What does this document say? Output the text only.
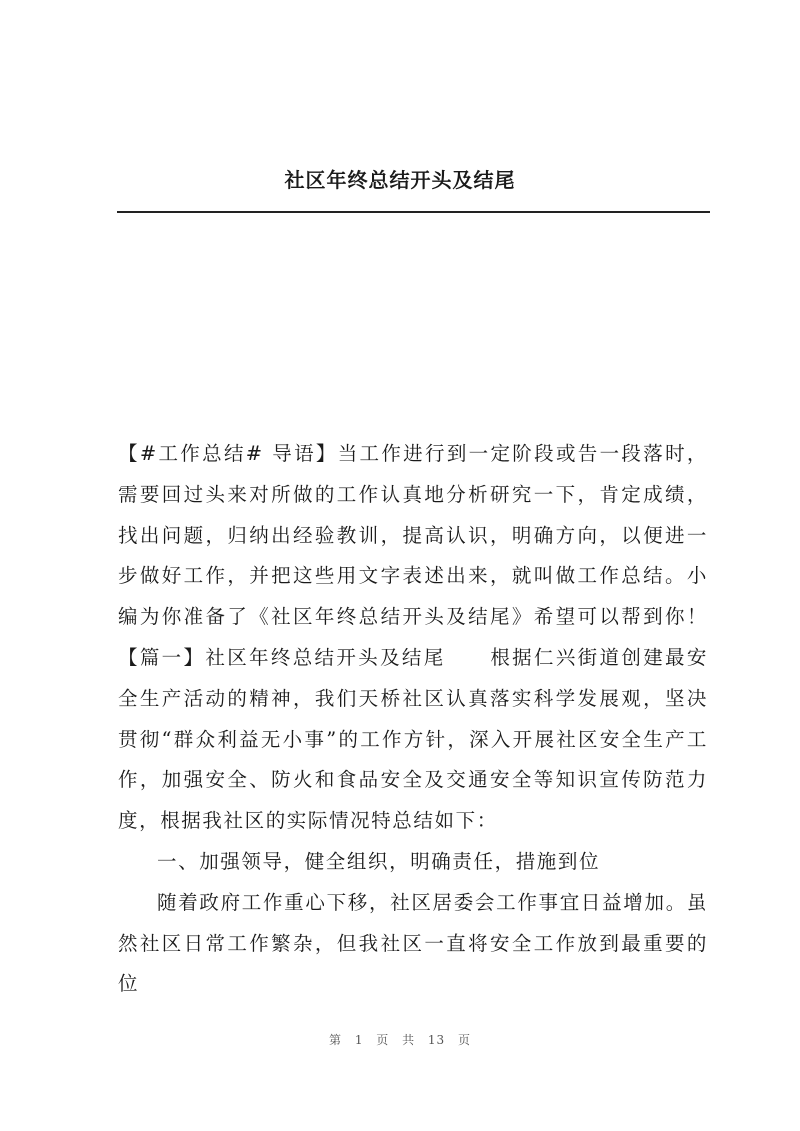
社区年终总结开头及结尾

【#工作总结# 导语】当工作进行到一定阶段或告一段落时，需要回过头来对所做的工作认真地分析研究一下，肯定成绩，找出问题，归纳出经验教训，提高认识，明确方向，以便进一步做好工作，并把这些用文字表述出来，就叫做工作总结。小编为你准备了《社区年终总结开头及结尾》希望可以帮到你！【篇一】社区年终总结开头及结尾 根据仁兴街道创建最安全生产活动的精神，我们天桥社区认真落实科学发展观，坚决贯彻“群众利益无小事”的工作方针，深入开展社区安全生产工作，加强安全、防火和食品安全及交通安全等知识宣传防范力度，根据我社区的实际情况特总结如下：

一、加强领导，健全组织，明确责任，措施到位

随着政府工作重心下移，社区居委会工作事宜日益增加。虽然社区日常工作繁杂，但我社区一直将安全工作放到最重要的位

第 1 页 共 13 页
